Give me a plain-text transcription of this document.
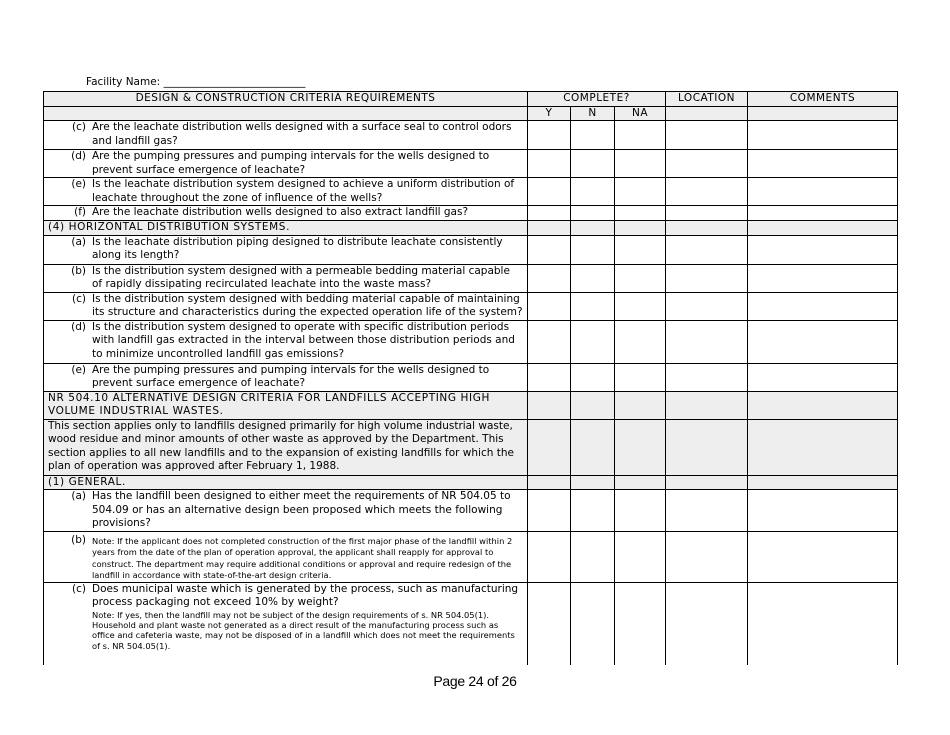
Facility Name: ___________________________
DESIGN & CONSTRUCTION CRITERIA REQUIREMENTS	COMPLETE?			LOCATION	COMMENTS
	Y	N	NA		

(c) Are the leachate distribution wells designed with a surface seal to control odors and landfill gas?					

(d) Are the pumping pressures and pumping intervals for the wells designed to prevent surface emergence of leachate?					

(e) Is the leachate distribution system designed to achieve a uniform distribution of leachate throughout the zone of influence of the wells?					

(f) Are the leachate distribution wells designed to also extract landfill gas?					

(4) HORIZONTAL DISTRIBUTION SYSTEMS.					

(a) Is the leachate distribution piping designed to distribute leachate consistently along its length?					

(b) Is the distribution system designed with a permeable bedding material capable of rapidly dissipating recirculated leachate into the waste mass?					

(c) Is the distribution system designed with bedding material capable of maintaining its structure and characteristics during the expected operation life of the system?					

(d) Is the distribution system designed to operate with specific distribution periods with landfill gas extracted in the interval between those distribution periods and to minimize uncontrolled landfill gas emissions?					

(e) Are the pumping pressures and pumping intervals for the wells designed to prevent surface emergence of leachate?					

NR 504.10 ALTERNATIVE DESIGN CRITERIA FOR LANDFILLS ACCEPTING HIGH VOLUME INDUSTRIAL WASTES.					
This section applies only to landfills designed primarily for high volume industrial waste, wood residue and minor amounts of other waste as approved by the Department. This section applies to all new landfills and to the expansion of existing landfills for which the plan of operation was approved after February 1, 1988.					
(1) GENERAL.					

(a) Has the landfill been designed to either meet the requirements of NR 504.05 to 504.09 or has an alternative design been proposed which meets the following provisions?					

(b) Note: If the applicant does not completed construction of the first major phase of the landfill within 2 years from the date of the plan of operation approval, the applicant shall reapply for approval to construct. The department may require additional conditions or approval and require redesign of the landfill in accordance with state-of-the-art design criteria.					

(c) Does municipal waste which is generated by the process, such as manufacturing process packaging not exceed 10% by weight?
Note: If yes, then the landfill may not be subject of the design requirements of s. NR 504.05(1). Household and plant waste not generated as a direct result of the manufacturing process such as office and cafeteria waste, may not be disposed of in a landfill which does not meet the requirements of s. NR 504.05(1).					

Page 24 of 26
